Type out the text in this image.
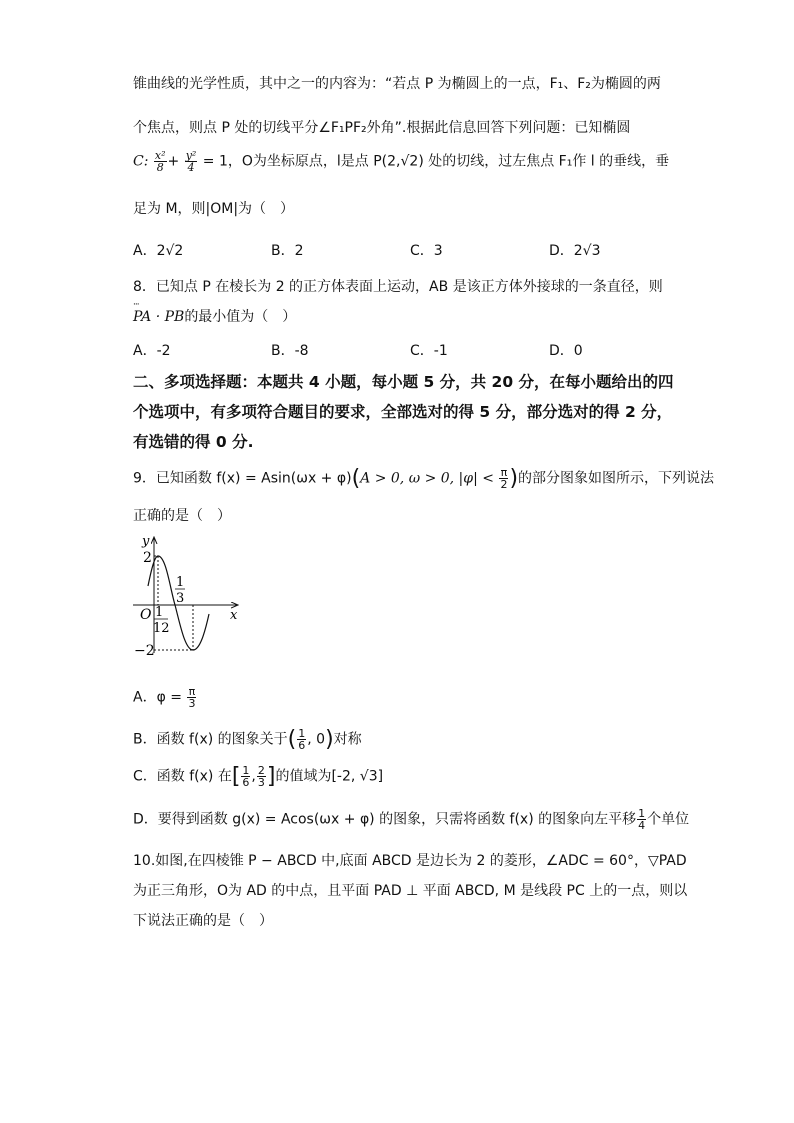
锥曲线的光学性质，其中之一的内容为：“若点 P 为椭圆上的一点，F₁、F₂为椭圆的两
个焦点，则点 P 处的切线平分∠F₁PF₂外角”.根据此信息回答下列问题：已知椭圆
C: $\frac{\text{x²}}{8} + \frac{\text{y²}}{4} = 1$，O为坐标原点，l是点 P(2,√2) 处的切线，过左焦点 F₁作 l 的垂线，垂
足为 M，则|OM|为（　）
A．2√2	B．2	C．3	D．2√3
8．已知点 P 在棱长为 2 的正方体表面上运动，AB 是该正方体外接球的一条直径，则
··· PA · PB的最小值为（　）
A．-2	B．-8	C．-1	D．0
二、多项选择题：本题共 4 小题，每小题 5 分，共 20 分，在每小题给出的四
个选项中，有多项符合题目的要求，全部选对的得 5 分，部分选对的得 2 分，
有选错的得 0 分.
9．已知函数 f(x) = Asin(ωx + φ)(A > 0, ω > 0, $|\varphi| < \frac{\pi}{2}$ )的部分图象如图所示，下列说法
正确的是（　）
y
x
O
2
−2
1
12
1
3
A．$\varphi = \frac{\pi}{3}$
B．函数 f(x) 的图象关于( $\frac{1}{6}$ , 0)对称
C．函数 f(x) 在[ $\frac{1}{6}$ , $\frac{2}{3}$ ]的值域为[-2, √3]
D．要得到函数 g(x) = Acos(ωx + φ) 的图象，只需将函数 f(x) 的图象向左平移 $\frac{1}{4}$ 个单位
10.如图,在四棱锥 P − ABCD 中,底面 ABCD 是边长为 2 的菱形，∠ADC = 60°，▽PAD
为正三角形，O为 AD 的中点，且平面 PAD ⊥ 平面 ABCD, M 是线段 PC 上的一点，则以
下说法正确的是（　）
